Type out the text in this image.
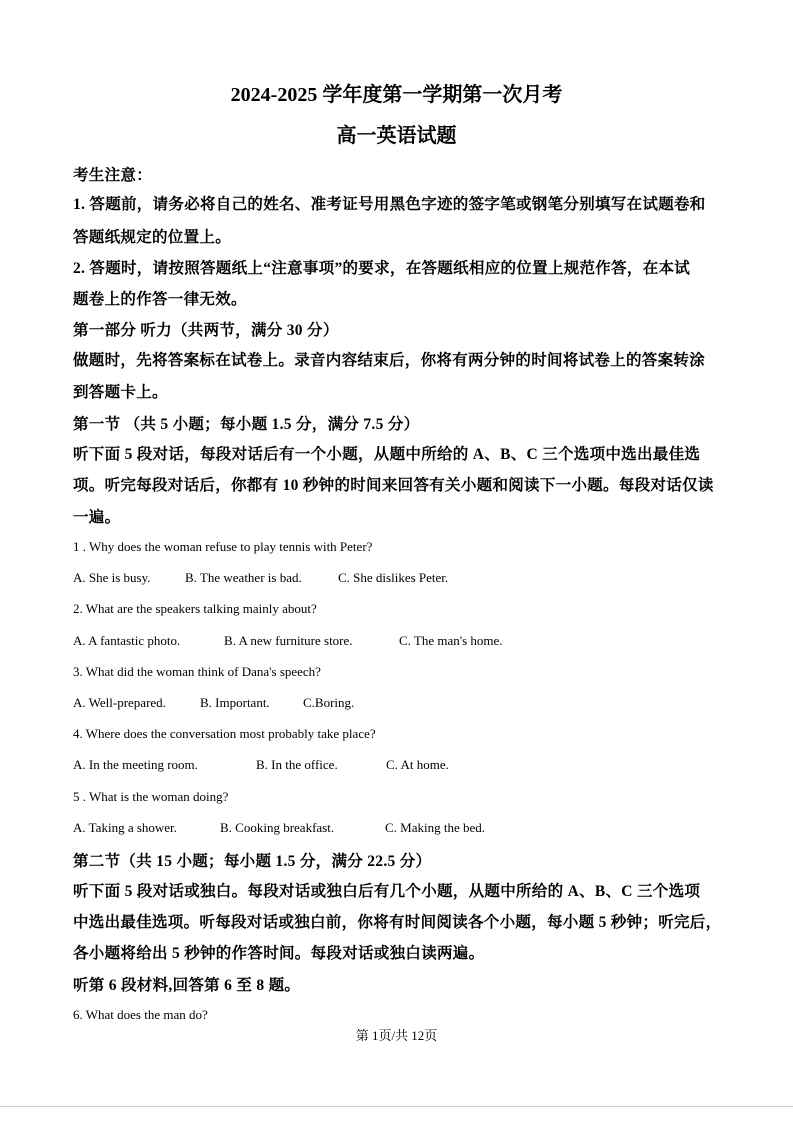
2024-2025 学年度第一学期第一次月考
高一英语试题
考生注意：
1. 答题前，请务必将自己的姓名、准考证号用黑色字迹的签字笔或钢笔分别填写在试题卷和
答题纸规定的位置上。
2. 答题时，请按照答题纸上“注意事项”的要求，在答题纸相应的位置上规范作答，在本试
题卷上的作答一律无效。
第一部分 听力（共两节，满分 30 分）
做题时，先将答案标在试卷上。录音内容结束后，你将有两分钟的时间将试卷上的答案转涂
到答题卡上。
第一节 （共 5 小题；每小题 1.5 分，满分 7.5 分）
听下面 5 段对话，每段对话后有一个小题，从题中所给的 A、B、C 三个选项中选出最佳选
项。听完每段对话后，你都有 10 秒钟的时间来回答有关小题和阅读下一小题。每段对话仅读
一遍。
1 . Why does the woman refuse to play tennis with Peter?
A. She is busy.	B. The weather is bad.	C. She dislikes Peter.
2. What are the speakers talking mainly about?
A. A fantastic photo.	B. A new furniture store.	C. The man's home.
3. What did the woman think of Dana's speech?
A. Well-prepared.	B. Important.	C.Boring.
4. Where does the conversation most probably take place?
A. In the meeting room.	B. In the office.	C. At home.
5 . What is the woman doing?
A. Taking a shower.	B. Cooking breakfast.	C. Making the bed.
第二节（共 15 小题；每小题 1.5 分，满分 22.5 分）
听下面 5 段对话或独白。每段对话或独白后有几个小题，从题中所给的 A、B、C 三个选项
中选出最佳选项。听每段对话或独白前，你将有时间阅读各个小题，每小题 5 秒钟；听完后，
各小题将给出 5 秒钟的作答时间。每段对话或独白读两遍。
听第 6 段材料,回答第 6 至 8 题。
6. What does the man do?
第 1页/共 12页
